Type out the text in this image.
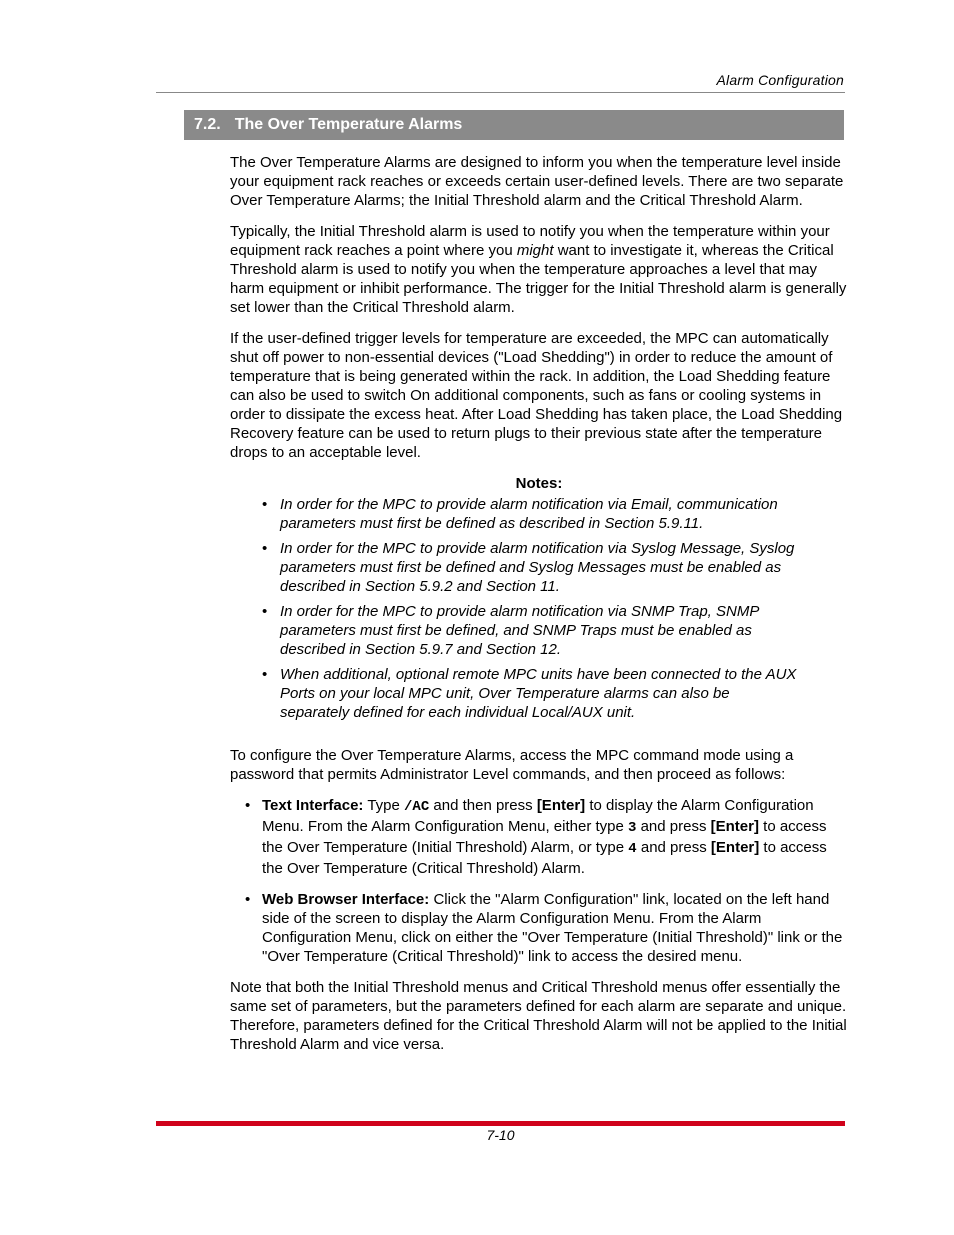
Alarm Configuration
7.2. The Over Temperature Alarms

The Over Temperature Alarms are designed to inform you when the temperature level inside your equipment rack reaches or exceeds certain user-defined levels. There are two separate Over Temperature Alarms; the Initial Threshold alarm and the Critical Threshold Alarm.

Typically, the Initial Threshold alarm is used to notify you when the temperature within your equipment rack reaches a point where you might want to investigate it, whereas the Critical Threshold alarm is used to notify you when the temperature approaches a level that may harm equipment or inhibit performance. The trigger for the Initial Threshold alarm is generally set lower than the Critical Threshold alarm.

If the user-defined trigger levels for temperature are exceeded, the MPC can automatically shut off power to non-essential devices ("Load Shedding") in order to reduce the amount of temperature that is being generated within the rack. In addition, the Load Shedding feature can also be used to switch On additional components, such as fans or cooling systems in order to dissipate the excess heat. After Load Shedding has taken place, the Load Shedding Recovery feature can be used to return plugs to their previous state after the temperature drops to an acceptable level.

Notes:
• In order for the MPC to provide alarm notification via Email, communication parameters must first be defined as described in Section 5.9.11.
• In order for the MPC to provide alarm notification via Syslog Message, Syslog parameters must first be defined and Syslog Messages must be enabled as described in Section 5.9.2 and Section 11.
• In order for the MPC to provide alarm notification via SNMP Trap, SNMP parameters must first be defined, and SNMP Traps must be enabled as described in Section 5.9.7 and Section 12.
• When additional, optional remote MPC units have been connected to the AUX Ports on your local MPC unit, Over Temperature alarms can also be separately defined for each individual Local/AUX unit.

To configure the Over Temperature Alarms, access the MPC command mode using a password that permits Administrator Level commands, and then proceed as follows:

• Text Interface: Type /AC and then press [Enter] to display the Alarm Configuration Menu. From the Alarm Configuration Menu, either type 3 and press [Enter] to access the Over Temperature (Initial Threshold) Alarm, or type 4 and press [Enter] to access the Over Temperature (Critical Threshold) Alarm.
• Web Browser Interface: Click the "Alarm Configuration" link, located on the left hand side of the screen to display the Alarm Configuration Menu. From the Alarm Configuration Menu, click on either the "Over Temperature (Initial Threshold)" link or the "Over Temperature (Critical Threshold)" link to access the desired menu.

Note that both the Initial Threshold menus and Critical Threshold menus offer essentially the same set of parameters, but the parameters defined for each alarm are separate and unique. Therefore, parameters defined for the Critical Threshold Alarm will not be applied to the Initial Threshold Alarm and vice versa.

7-10
